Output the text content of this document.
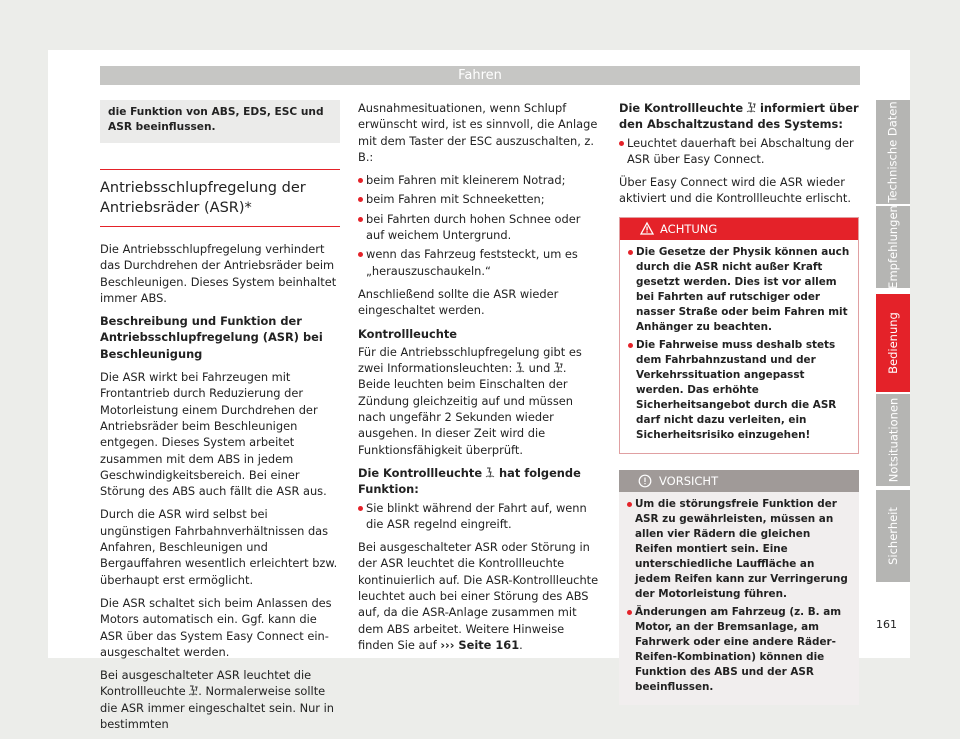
Fahren
die Funktion von ABS, EDS, ESC und ASR beeinflussen.
Antriebsschlupfregelung der Antriebsräder (ASR)*

Die Antriebsschlupfregelung verhindert das Durchdrehen der Antriebsräder beim Beschleunigen. Dieses System beinhaltet immer ABS.

Beschreibung und Funktion der Antriebsschlupfregelung (ASR) bei Beschleunigung

Die ASR wirkt bei Fahrzeugen mit Frontantrieb durch Reduzierung der Motorleistung einem Durchdrehen der Antriebsräder beim Beschleunigen entgegen. Dieses System arbeitet zusammen mit dem ABS in jedem Geschwindigkeitsbereich. Bei einer Störung des ABS auch fällt die ASR aus.

Durch die ASR wird selbst bei ungünstigen Fahrbahnverhältnissen das Anfahren, Beschleunigen und Bergauffahren wesentlich erleichtert bzw. überhaupt erst ermöglicht.

Die ASR schaltet sich beim Anlassen des Motors automatisch ein. Ggf. kann die ASR über das System Easy Connect ein- ausgeschaltet werden.

Bei ausgeschalteter ASR leuchtet die Kontrollleuchte . Normalerweise sollte die ASR immer eingeschaltet sein. Nur in bestimmten

Ausnahmesituationen, wenn Schlupf erwünscht wird, ist es sinnvoll, die Anlage mit dem Taster der ESC auszuschalten, z. B.:

beim Fahren mit kleinerem Notrad;
beim Fahren mit Schneeketten;
bei Fahrten durch hohen Schnee oder auf weichem Untergrund.
wenn das Fahrzeug feststeckt, um es „herauszuschaukeln.“

Anschließend sollte die ASR wieder eingeschaltet werden.

Kontrollleuchte

Für die Antriebsschlupfregelung gibt es zwei Informationsleuchten: und . Beide leuchten beim Einschalten der Zündung gleichzeitig auf und müssen nach ungefähr 2 Sekunden wieder ausgehen. In dieser Zeit wird die Funktionsfähigkeit überprüft.

Die Kontrollleuchte hat folgende Funktion:

Sie blinkt während der Fahrt auf, wenn die ASR regelnd eingreift.

Bei ausgeschalteter ASR oder Störung in der ASR leuchtet die Kontrollleuchte kontinuierlich auf. Die ASR-Kontrollleuchte leuchtet auch bei einer Störung des ABS auf, da die ASR-Anlage zusammen mit dem ABS arbeitet. Weitere Hinweise finden Sie auf ››› Seite 161.

Die Kontrollleuchte informiert über den Abschaltzustand des Systems:

Leuchtet dauerhaft bei Abschaltung der ASR über Easy Connect.

Über Easy Connect wird die ASR wieder aktiviert und die Kontrollleuchte erlischt.

ACHTUNG
Die Gesetze der Physik können auch durch die ASR nicht außer Kraft gesetzt werden. Dies ist vor allem bei Fahrten auf rutschiger oder nasser Straße oder beim Fahren mit Anhänger zu beachten.
Die Fahrweise muss deshalb stets dem Fahrbahnzustand und der Verkehrssituation angepasst werden. Das erhöhte Sicherheitsangebot durch die ASR darf nicht dazu verleiten, ein Sicherheitsrisiko einzugehen!
VORSICHT
Um die störungsfreie Funktion der ASR zu gewährleisten, müssen an allen vier Rädern die gleichen Reifen montiert sein. Eine unterschiedliche Lauffläche an jedem Reifen kann zur Verringerung der Motorleistung führen.
Änderungen am Fahrzeug (z. B. am Motor, an der Bremsanlage, am Fahrwerk oder eine andere Räder-Reifen-Kombination) können die Funktion des ABS und der ASR beeinflussen.
Technische Daten
Empfehlungen
Bedienung
Notsituationen
Sicherheit
161
